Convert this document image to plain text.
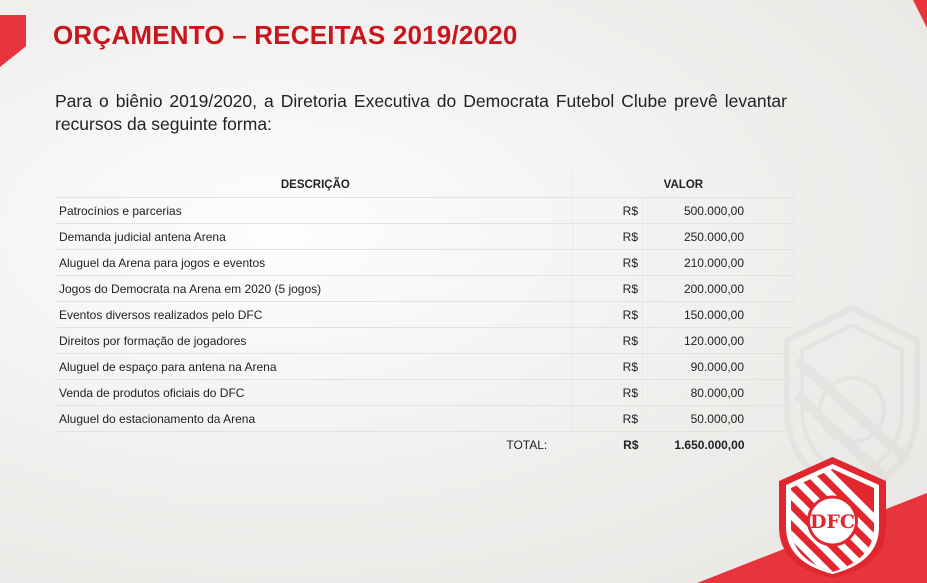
ORÇAMENTO – RECEITAS 2019/2020

Para o biênio 2019/2020, a Diretoria Executiva do Democrata Futebol Clube prevê levantar recursos da seguinte forma:

DESCRIÇÃO	VALOR	
Patrocínios e parcerias	R$	500.000,00
Demanda judicial antena Arena	R$	250.000,00
Aluguel da Arena para jogos e eventos	R$	210.000,00
Jogos do Democrata na Arena em 2020 (5 jogos)	R$	200.000,00
Eventos diversos realizados pelo DFC	R$	150.000,00
Direitos por formação de jogadores	R$	120.000,00
Aluguel de espaço para antena na Arena	R$	90.000,00
Venda de produtos oficiais do DFC	R$	80.000,00
Aluguel do estacionamento da Arena	R$	50.000,00
TOTAL:	R$	1.650.000,00
DFC
